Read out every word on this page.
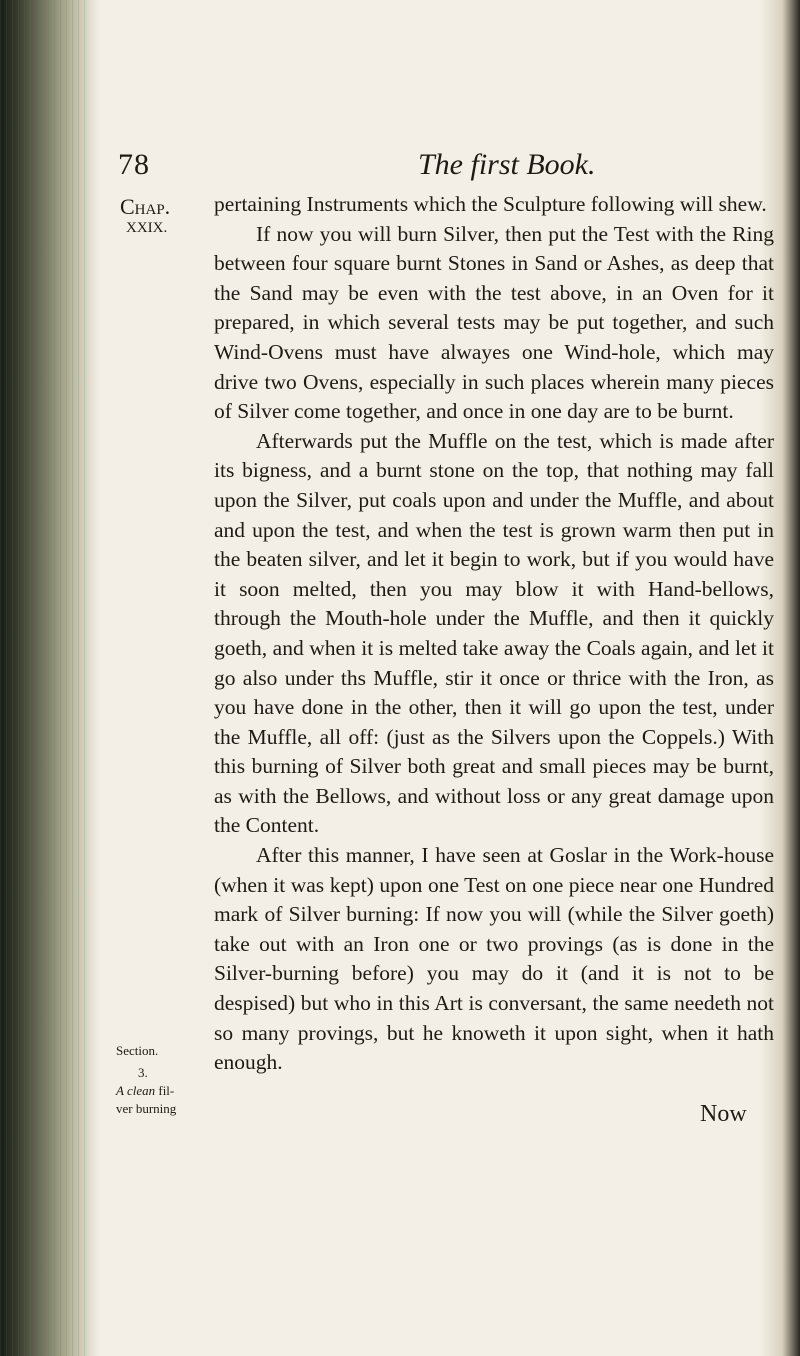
78	The first Book.
Chap.
XXIX.

pertaining Instruments which the Sculpture following will shew.

If now you will burn Silver, then put the Test with the Ring between four square burnt Stones in Sand or Ashes, as deep that the Sand may be even with the test above, in an Oven for it prepared, in which several tests may be put together, and such Wind-Ovens must have alwayes one Wind-hole, which may drive two Ovens, especially in such places wherein many pieces of Silver come together, and once in one day are to be burnt.

Afterwards put the Muffle on the test, which is made after its bigness, and a burnt stone on the top, that nothing may fall upon the Silver, put coals upon and under the Muffle, and about and upon the test, and when the test is grown warm then put in the beaten silver, and let it begin to work, but if you would have it soon melted, then you may blow it with Hand-bellows, through the Mouth-hole under the Muffle, and then it quickly goeth, and when it is melted take away the Coals again, and let it go also under ths Muffle, stir it once or thrice with the Iron, as you have done in the other, then it will go upon the test, under the Muffle, all off: (just as the Silvers upon the Coppels.) With this burning of Silver both great and small pieces may be burnt, as with the Bellows, and without loss or any great damage upon the Content.

After this manner, I have seen at Goslar in the Work-house (when it was kept) upon one Test on one piece near one Hundred mark of Silver burning: If now you will (while the Silver goeth) take out with an Iron one or two provings (as is done in the Silver-burning before) you may do it (and it is not to be despised) but who in this Art is conversant, the same needeth not so many provings, but he knoweth it upon sight, when it hath enough.

Section.
3.
A clean fil-
ver burning	Now
